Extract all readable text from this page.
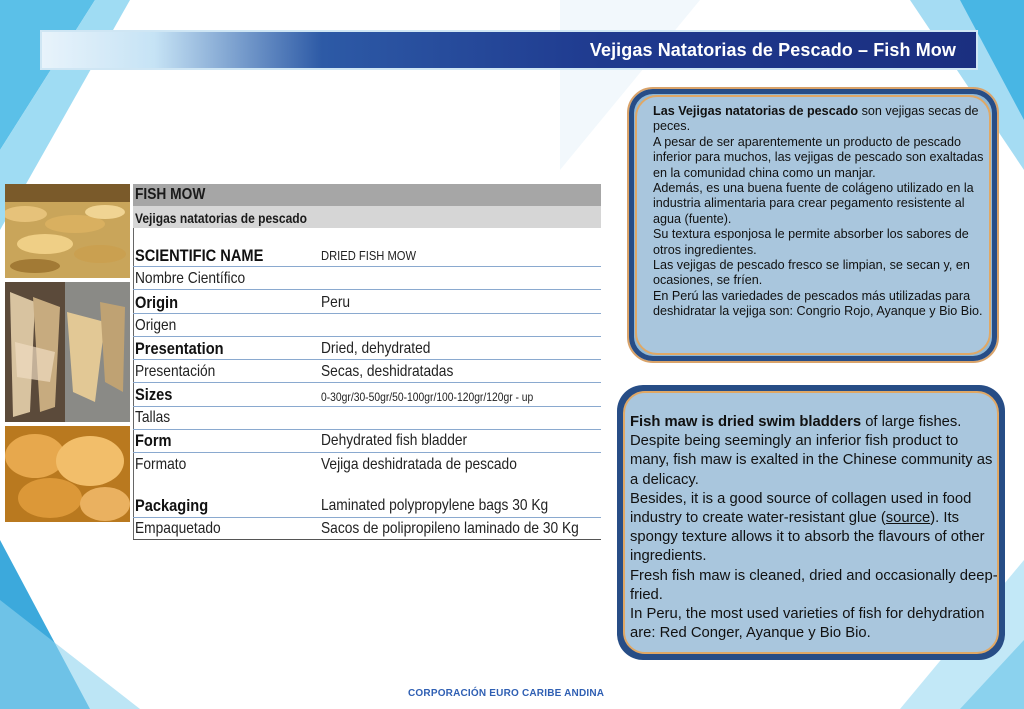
Vejigas Natatorias de Pescado – Fish Mow
FISH MOW
Vejigas natatorias de pescado
SCIENTIFIC NAME	DRIED FISH MOW
Nombre Científico
Origin	Peru
Origen
Presentation	Dried, dehydrated
Presentación	Secas, deshidratadas
Sizes	0-30gr/30-50gr/50-100gr/100-120gr/120gr - up
Tallas
Form	Dehydrated fish bladder
Formato	Vejiga deshidratada de pescado
Packaging	Laminated polypropylene bags 30 Kg
Empaquetado	Sacos de polipropileno laminado de 30 Kg
Las Vejigas natatorias de pescado son vejigas secas de peces.
A pesar de ser aparentemente un producto de pescado inferior para muchos, las vejigas de pescado son exaltadas en la comunidad china como un manjar.
Además, es una buena fuente de colágeno utilizado en la industria alimentaria para crear pegamento resistente al agua (fuente).
Su textura esponjosa le permite absorber los sabores de otros ingredientes.
Las vejigas de pescado fresco se limpian, se secan y, en ocasiones, se fríen.
En Perú las variedades de pescados más utilizadas para deshidratar la vejiga son: Congrio Rojo, Ayanque y Bio Bio.
Fish maw is dried swim bladders of large fishes.
Despite being seemingly an inferior fish product to many, fish maw is exalted in the Chinese community as a delicacy.
Besides, it is a good source of collagen used in food industry to create water-resistant glue (source). Its spongy texture allows it to absorb the flavours of other ingredients.
Fresh fish maw is cleaned, dried and occasionally deep-fried.
In Peru, the most used varieties of fish for dehydration are: Red Conger, Ayanque y Bio Bio.
CORPORACIÓN EURO CARIBE ANDINA
